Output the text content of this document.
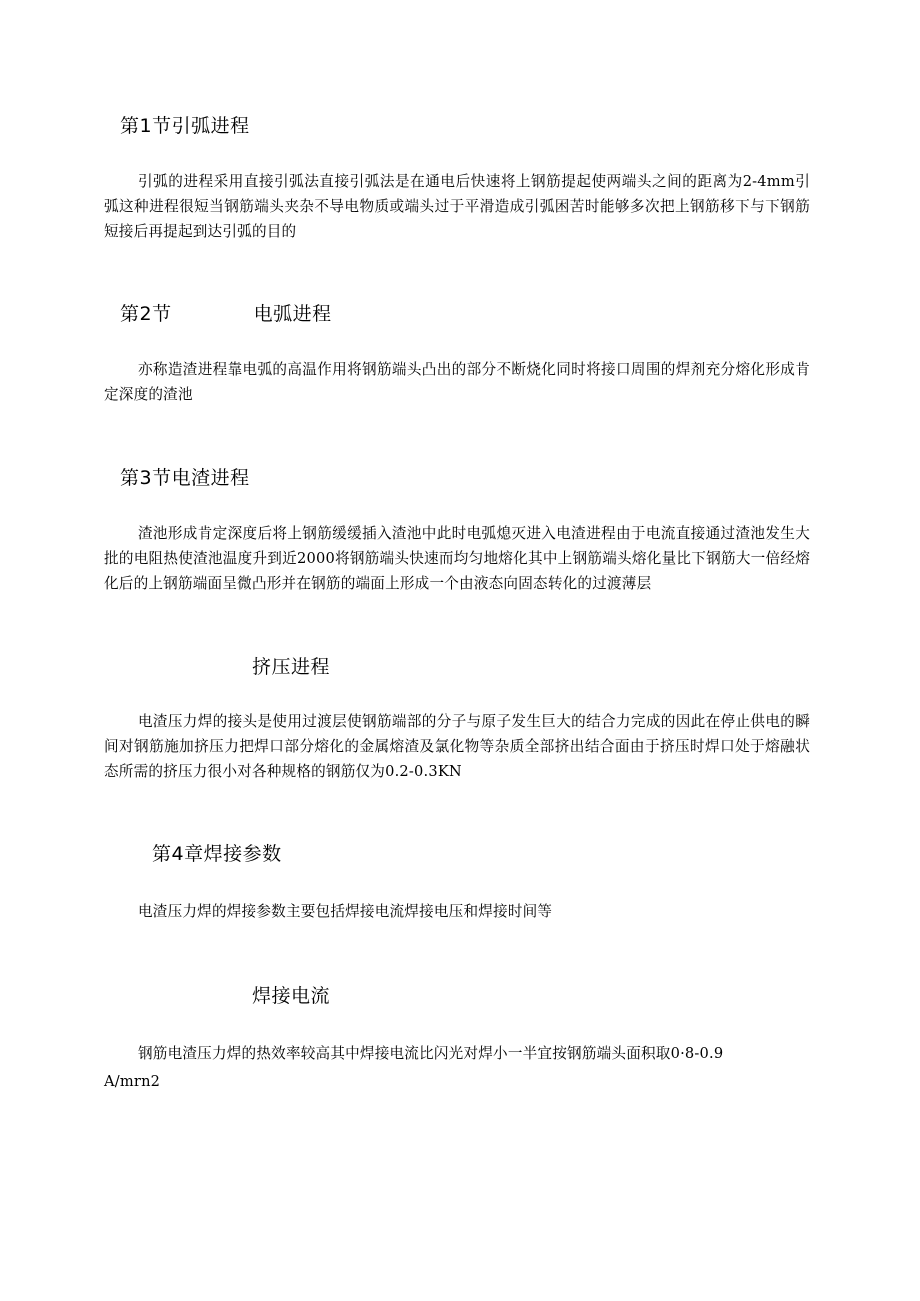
第1节引弧进程
引弧的进程采用直接引弧法直接引弧法是在通电后快速将上钢筋提起使两端头之间的距离为2-4mm引弧这种进程很短当钢筋端头夹杂不导电物质或端头过于平滑造成引弧困苦时能够多次把上钢筋移下与下钢筋短接后再提起到达引弧的目的
第2节	电弧进程
亦称造渣进程靠电弧的高温作用将钢筋端头凸出的部分不断烧化同时将接口周围的焊剂充分熔化形成肯定深度的渣池
第3节电渣进程
渣池形成肯定深度后将上钢筋缓缓插入渣池中此时电弧熄灭进入电渣进程由于电流直接通过渣池发生大批的电阻热使渣池温度升到近2000将钢筋端头快速而均匀地熔化其中上钢筋端头熔化量比下钢筋大一倍经熔化后的上钢筋端面呈微凸形并在钢筋的端面上形成一个由液态向固态转化的过渡薄层
挤压进程
电渣压力焊的接头是使用过渡层使钢筋端部的分子与原子发生巨大的结合力完成的因此在停止供电的瞬间对钢筋施加挤压力把焊口部分熔化的金属熔渣及氯化物等杂质全部挤出结合面由于挤压时焊口处于熔融状态所需的挤压力很小对各种规格的钢筋仅为0.2-0.3KN
第4章焊接参数
电渣压力焊的焊接参数主要包括焊接电流焊接电压和焊接时间等
焊接电流
钢筋电渣压力焊的热效率较高其中焊接电流比闪光对焊小一半宜按钢筋端头面积取0·8-0.9
A/mrn2
